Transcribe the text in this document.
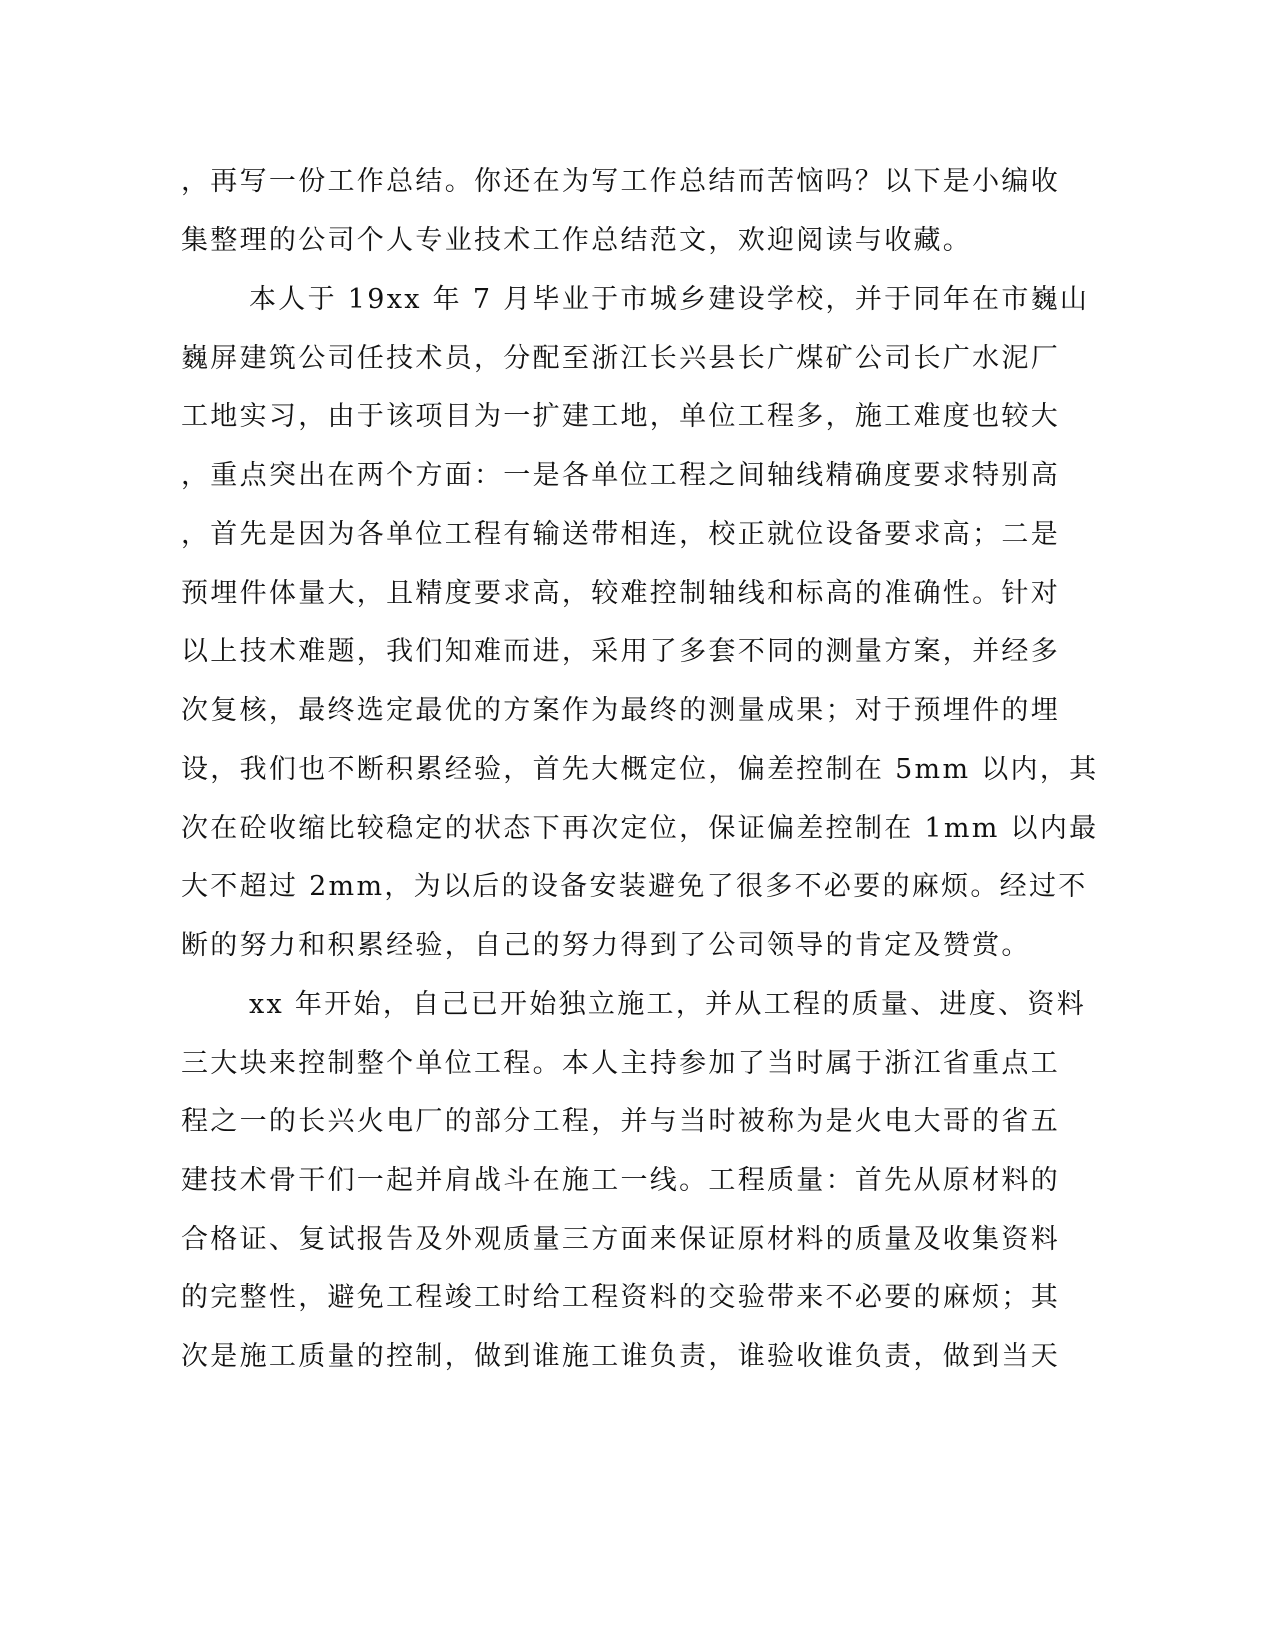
，再写一份工作总结。你还在为写工作总结而苦恼吗？以下是小编收
集整理的公司个人专业技术工作总结范文，欢迎阅读与收藏。
本人于 19xx 年 7 月毕业于市城乡建设学校，并于同年在市巍山
巍屏建筑公司任技术员，分配至浙江长兴县长广煤矿公司长广水泥厂
工地实习，由于该项目为一扩建工地，单位工程多，施工难度也较大
，重点突出在两个方面：一是各单位工程之间轴线精确度要求特别高
，首先是因为各单位工程有输送带相连，校正就位设备要求高；二是
预埋件体量大，且精度要求高，较难控制轴线和标高的准确性。针对
以上技术难题，我们知难而进，采用了多套不同的测量方案，并经多
次复核，最终选定最优的方案作为最终的测量成果；对于预埋件的埋
设，我们也不断积累经验，首先大概定位，偏差控制在 5mm 以内，其
次在砼收缩比较稳定的状态下再次定位，保证偏差控制在 1mm 以内最
大不超过 2mm，为以后的设备安装避免了很多不必要的麻烦。经过不
断的努力和积累经验，自己的努力得到了公司领导的肯定及赞赏。
xx 年开始，自己已开始独立施工，并从工程的质量、进度、资料
三大块来控制整个单位工程。本人主持参加了当时属于浙江省重点工
程之一的长兴火电厂的部分工程，并与当时被称为是火电大哥的省五
建技术骨干们一起并肩战斗在施工一线。工程质量：首先从原材料的
合格证、复试报告及外观质量三方面来保证原材料的质量及收集资料
的完整性，避免工程竣工时给工程资料的交验带来不必要的麻烦；其
次是施工质量的控制，做到谁施工谁负责，谁验收谁负责，做到当天
